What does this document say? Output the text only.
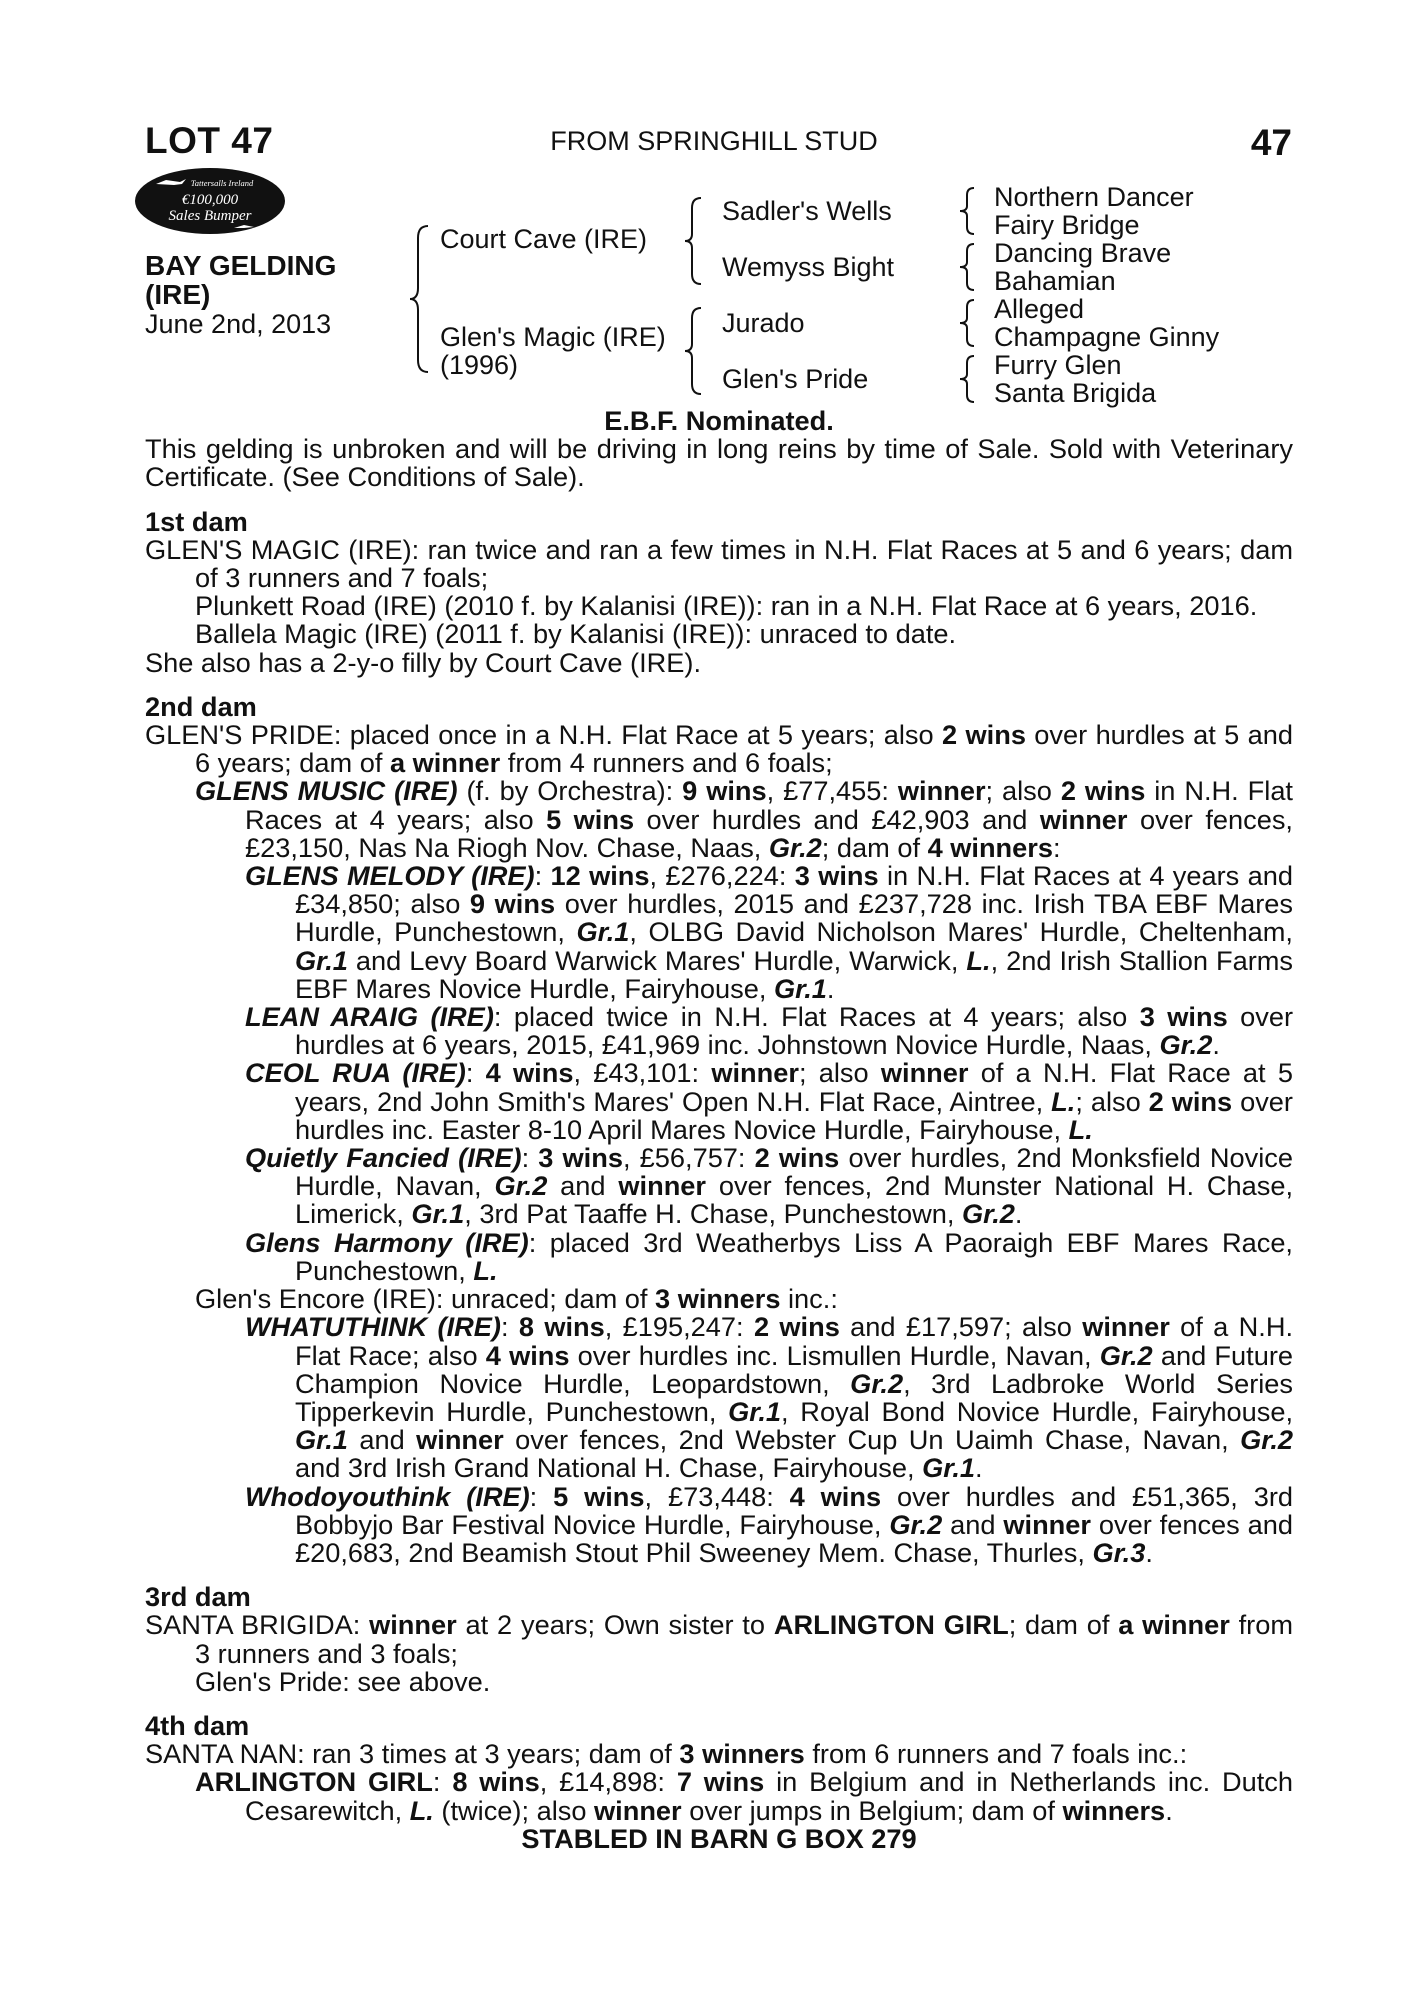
LOT 47	FROM SPRINGHILL STUD	47
Tattersalls Ireland
€100,000
Sales Bumper
BAY GELDING
(IRE)
June 2nd, 2013
Court Cave (IRE)
Glen's Magic (IRE)
(1996)
Sadler's Wells
Wemyss Bight
Jurado
Glen's Pride
Northern Dancer
Fairy Bridge
Dancing Brave
Bahamian
Alleged
Champagne Ginny
Furry Glen
Santa Brigida

E.B.F. Nominated.

This gelding is unbroken and will be driving in long reins by time of Sale. Sold with Veterinary Certificate. (See Conditions of Sale).

1st dam

GLEN'S MAGIC (IRE): ran twice and ran a few times in N.H. Flat Races at 5 and 6 years; dam of 3 runners and 7 foals;

Plunkett Road (IRE) (2010 f. by Kalanisi (IRE)): ran in a N.H. Flat Race at 6 years, 2016.

Ballela Magic (IRE) (2011 f. by Kalanisi (IRE)): unraced to date.

She also has a 2-y-o filly by Court Cave (IRE).

2nd dam

GLEN'S PRIDE: placed once in a N.H. Flat Race at 5 years; also 2 wins over hurdles at 5 and 6 years; dam of a winner from 4 runners and 6 foals;

GLENS MUSIC (IRE) (f. by Orchestra): 9 wins, £77,455: winner; also 2 wins in N.H. Flat Races at 4 years; also 5 wins over hurdles and £42,903 and winner over fences, £23,150, Nas Na Riogh Nov. Chase, Naas, Gr.2; dam of 4 winners:

GLENS MELODY (IRE): 12 wins, £276,224: 3 wins in N.H. Flat Races at 4 years and £34,850; also 9 wins over hurdles, 2015 and £237,728 inc. Irish TBA EBF Mares Hurdle, Punchestown, Gr.1, OLBG David Nicholson Mares' Hurdle, Cheltenham, Gr.1 and Levy Board Warwick Mares' Hurdle, Warwick, L., 2nd Irish Stallion Farms EBF Mares Novice Hurdle, Fairyhouse, Gr.1.

LEAN ARAIG (IRE): placed twice in N.H. Flat Races at 4 years; also 3 wins over hurdles at 6 years, 2015, £41,969 inc. Johnstown Novice Hurdle, Naas, Gr.2.

CEOL RUA (IRE): 4 wins, £43,101: winner; also winner of a N.H. Flat Race at 5 years, 2nd John Smith's Mares' Open N.H. Flat Race, Aintree, L.; also 2 wins over hurdles inc. Easter 8-10 April Mares Novice Hurdle, Fairyhouse, L.

Quietly Fancied (IRE): 3 wins, £56,757: 2 wins over hurdles, 2nd Monksfield Novice Hurdle, Navan, Gr.2 and winner over fences, 2nd Munster National H. Chase, Limerick, Gr.1, 3rd Pat Taaffe H. Chase, Punchestown, Gr.2.

Glens Harmony (IRE): placed 3rd Weatherbys Liss A Paoraigh EBF Mares Race, Punchestown, L.

Glen's Encore (IRE): unraced; dam of 3 winners inc.:

WHATUTHINK (IRE): 8 wins, £195,247: 2 wins and £17,597; also winner of a N.H. Flat Race; also 4 wins over hurdles inc. Lismullen Hurdle, Navan, Gr.2 and Future Champion Novice Hurdle, Leopardstown, Gr.2, 3rd Ladbroke World Series Tipperkevin Hurdle, Punchestown, Gr.1, Royal Bond Novice Hurdle, Fairyhouse, Gr.1 and winner over fences, 2nd Webster Cup Un Uaimh Chase, Navan, Gr.2 and 3rd Irish Grand National H. Chase, Fairyhouse, Gr.1.

Whodoyouthink (IRE): 5 wins, £73,448: 4 wins over hurdles and £51,365, 3rd Bobbyjo Bar Festival Novice Hurdle, Fairyhouse, Gr.2 and winner over fences and £20,683, 2nd Beamish Stout Phil Sweeney Mem. Chase, Thurles, Gr.3.

3rd dam

SANTA BRIGIDA: winner at 2 years; Own sister to ARLINGTON GIRL; dam of a winner from 3 runners and 3 foals;

Glen's Pride: see above.

4th dam

SANTA NAN: ran 3 times at 3 years; dam of 3 winners from 6 runners and 7 foals inc.:

ARLINGTON GIRL: 8 wins, £14,898: 7 wins in Belgium and in Netherlands inc. Dutch Cesarewitch, L. (twice); also winner over jumps in Belgium; dam of winners.

STABLED IN BARN G BOX 279
